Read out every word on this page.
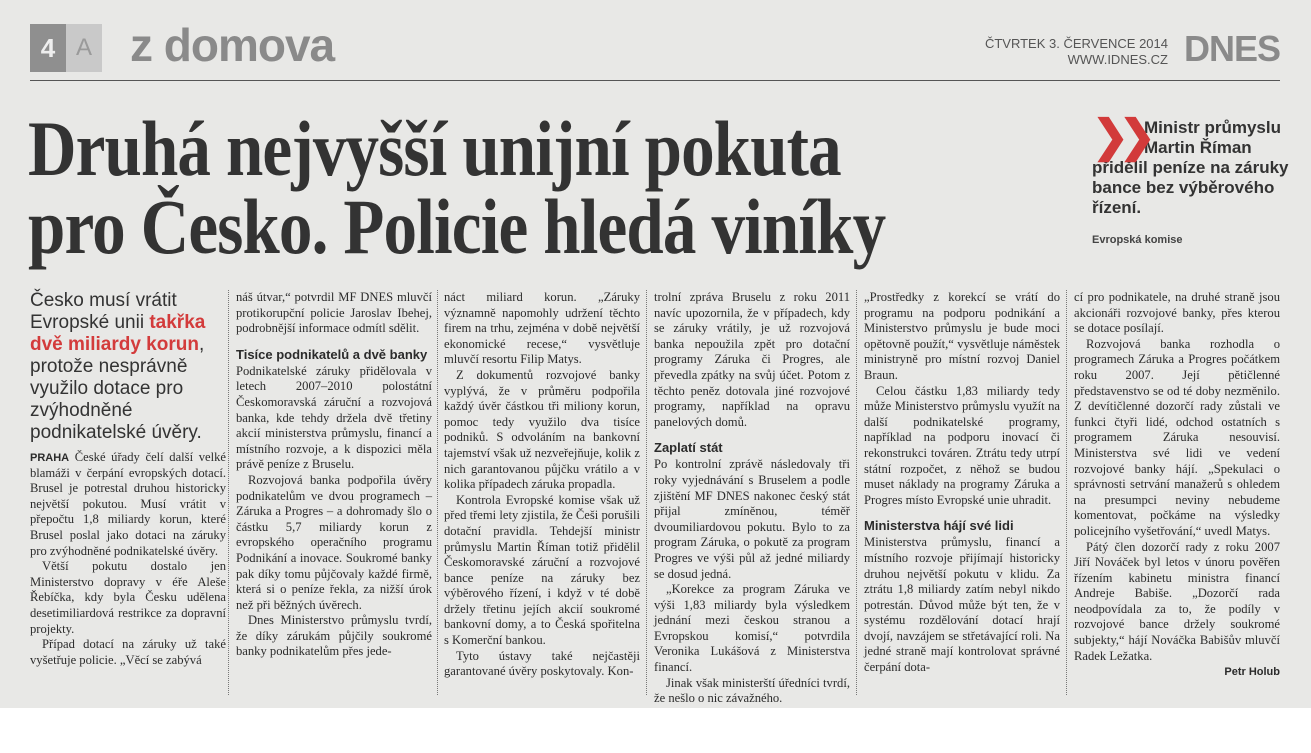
4 A z domova	ČTVRTEK 3. ČERVENCE 2014
WWW.IDNES.CZ DNES
Druhá nejvyšší unijní pokuta
pro Česko. Policie hledá viníky
❯❯
Ministr průmyslu
Martin Říman
přidělil peníze na záruky bance bez výběrového řízení.
Evropská komise
Česko musí vrátit Evropské unii takřka dvě miliardy korun, protože nesprávně využilo dotace pro zvýhodněné podnikatelské úvěry.

PRAHA České úřady čelí další velké blamáži v čerpání evropských dotací. Brusel je potrestal druhou historicky největší pokutou. Musí vrátit v přepočtu 1,8 miliardy korun, které Brusel poslal jako dotaci na záruky pro zvýhodněné podnikatelské úvěry.

Větší pokutu dostalo jen Ministerstvo dopravy v éře Aleše Řebíčka, kdy byla Česku udělena desetimiliardová restrikce za dopravní projekty.

Případ dotací na záruky už také vyšetřuje policie. „Věcí se zabývá

náš útvar,“ potvrdil MF DNES mluvčí protikorupční policie Jaroslav Ibehej, podrobnější informace odmítl sdělit.

Tisíce podnikatelů a dvě banky

Podnikatelské záruky přidělovala v letech 2007–2010 polostátní Českomoravská záruční a rozvojová banka, kde tehdy držela dvě třetiny akcií ministerstva průmyslu, financí a místního rozvoje, a k dispozici měla právě peníze z Bruselu.

Rozvojová banka podpořila úvěry podnikatelům ve dvou programech – Záruka a Progres – a dohromady šlo o částku 5,7 miliardy korun z evropského operačního programu Podnikání a inovace. Soukromé banky pak díky tomu půjčovaly každé firmě, která si o peníze řekla, za nižší úrok než při běžných úvěrech.

Dnes Ministerstvo průmyslu tvrdí, že díky zárukám půjčily soukromé banky podnikatelům přes jede-

náct miliard korun. „Záruky významně napomohly udržení těchto firem na trhu, zejména v době největší ekonomické recese,“ vysvětluje mluvčí resortu Filip Matys.

Z dokumentů rozvojové banky vyplývá, že v průměru podpořila každý úvěr částkou tři miliony korun, pomoc tedy využilo dva tisíce podniků. S odvoláním na bankovní tajemství však už nezveřejňuje, kolik z nich garantovanou půjčku vrátilo a v kolika případech záruka propadla.

Kontrola Evropské komise však už před třemi lety zjistila, že Češi porušili dotační pravidla. Tehdejší ministr průmyslu Martin Říman totiž přidělil Českomoravské záruční a rozvojové bance peníze na záruky bez výběrového řízení, i když v té době držely třetinu jejích akcií soukromé bankovní domy, a to Česká spořitelna s Komerční bankou.

Tyto ústavy také nejčastěji garantované úvěry poskytovaly. Kon-

trolní zpráva Bruselu z roku 2011 navíc upozornila, že v případech, kdy se záruky vrátily, je už rozvojová banka nepoužila zpět pro dotační programy Záruka či Progres, ale převedla zpátky na svůj účet. Potom z těchto peněz dotovala jiné rozvojové programy, například na opravu panelových domů.

Zaplatí stát

Po kontrolní zprávě následovaly tři roky vyjednávání s Bruselem a podle zjištění MF DNES nakonec český stát přijal zmíněnou, téměř dvoumiliardovou pokutu. Bylo to za program Záruka, o pokutě za program Progres ve výši půl až jedné miliardy se dosud jedná.

„Korekce za program Záruka ve výši 1,83 miliardy byla výsledkem jednání mezi českou stranou a Evropskou komisí,“ potvrdila Veronika Lukášová z Ministerstva financí.

Jinak však ministerští úředníci tvrdí, že nešlo o nic závažného.

„Prostředky z korekcí se vrátí do programu na podporu podnikání a Ministerstvo průmyslu je bude moci opětovně použít,“ vysvětluje náměstek ministryně pro místní rozvoj Daniel Braun.

Celou částku 1,83 miliardy tedy může Ministerstvo průmyslu využít na další podnikatelské programy, například na podporu inovací či rekonstrukci továren. Ztrátu tedy utrpí státní rozpočet, z něhož se budou muset náklady na programy Záruka a Progres místo Evropské unie uhradit.

Ministerstva hájí své lidi

Ministerstva průmyslu, financí a místního rozvoje přijímají historicky druhou největší pokutu v klidu. Za ztrátu 1,8 miliardy zatím nebyl nikdo potrestán. Důvod může být ten, že v systému rozdělování dotací hrají dvojí, navzájem se střetávající roli. Na jedné straně mají kontrolovat správné čerpání dota-

cí pro podnikatele, na druhé straně jsou akcionáři rozvojové banky, přes kterou se dotace posílají.

Rozvojová banka rozhodla o programech Záruka a Progres počátkem roku 2007. Její pětičlenné představenstvo se od té doby nezměnilo. Z devítičlenné dozorčí rady zůstali ve funkci čtyři lidé, odchod ostatních s programem Záruka nesouvisí. Ministerstva své lidi ve vedení rozvojové banky hájí. „Spekulaci o správnosti setrvání manažerů s ohledem na presumpci neviny nebudeme komentovat, počkáme na výsledky policejního vyšetřování,“ uvedl Matys.

Pátý člen dozorčí rady z roku 2007 Jiří Nováček byl letos v únoru pověřen řízením kabinetu ministra financí Andreje Babiše. „Dozorčí rada neodpovídala za to, že podíly v rozvojové bance držely soukromé subjekty,“ hájí Nováčka Babišův mluvčí Radek Ležatka.

Petr Holub
